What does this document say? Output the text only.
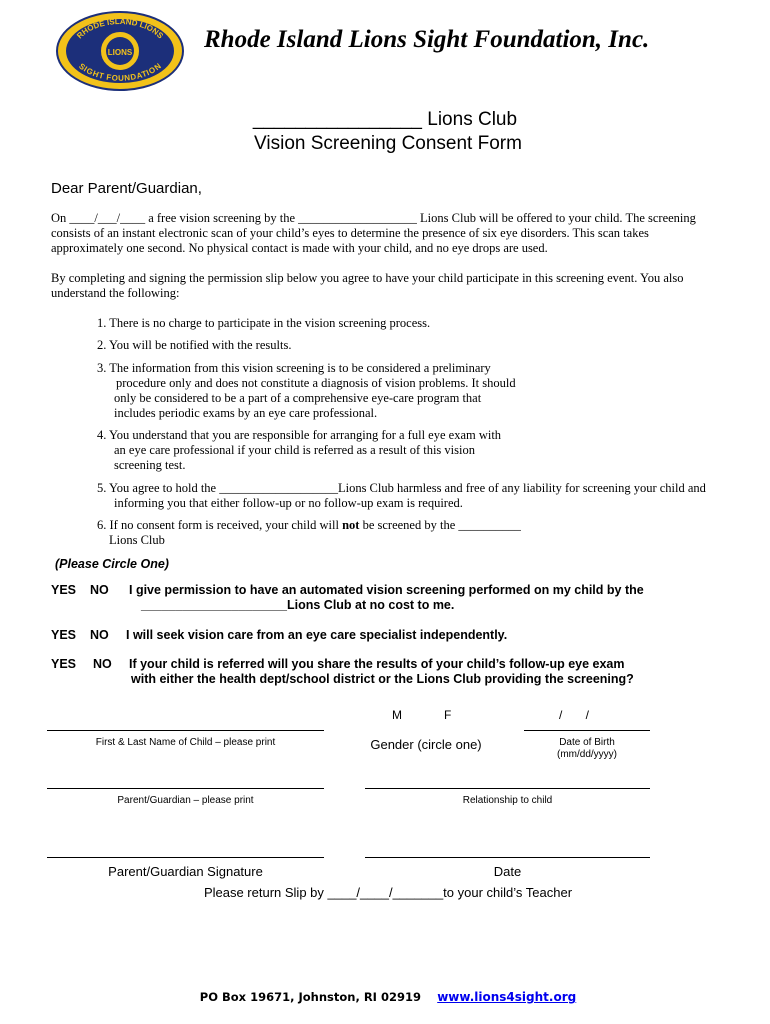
LIONS
RHODE ISLAND LIONS
SIGHT FOUNDATION
Rhode Island Lions Sight Foundation, Inc.
________________ Lions Club
Vision Screening Consent Form
Dear Parent/Guardian,
On ____/___/____ a free vision screening by the ___________________ Lions Club will be offered to your child. The screening consists of an instant electronic scan of your child’s eyes to determine the presence of six eye disorders. This scan takes approximately one second. No physical contact is made with your child, and no eye drops are used.
By completing and signing the permission slip below you agree to have your child participate in this screening event. You also understand the following:
1. There is no charge to participate in the vision screening process.
2. You will be notified with the results.
3. The information from this vision screening is to be considered a preliminary
procedure only and does not constitute a diagnosis of vision problems. It should
only be considered to be a part of a comprehensive eye-care program that
includes periodic exams by an eye care professional.
4. You understand that you are responsible for arranging for a full eye exam with
an eye care professional if your child is referred as a result of this vision
screening test.
5. You agree to hold the ___________________Lions Club harmless and free of any liability for screening your child and
informing you that either follow-up or no follow-up exam is required.
6. If no consent form is received, your child will not be screened by the __________
Lions Club
(Please Circle One)
YES NO I give permission to have an automated vision screening performed on my child by the
_____________________Lions Club at no cost to me.
YES NO I will seek vision care from an eye care specialist independently.
YES NO If your child is referred will you share the results of your child’s follow-up eye exam
with either the health dept/school district or the Lions Club providing the screening?
M	F	/       /
First & Last Name of Child – please print	Gender (circle one)	Date of Birth
(mm/dd/yyyy)
Parent/Guardian – please print	Relationship to child
Parent/Guardian Signature	Date
Please return Slip by ____/____/_______to your child’s Teacher
PO Box 19671, Johnston, RI 02919 www.lions4sight.org
